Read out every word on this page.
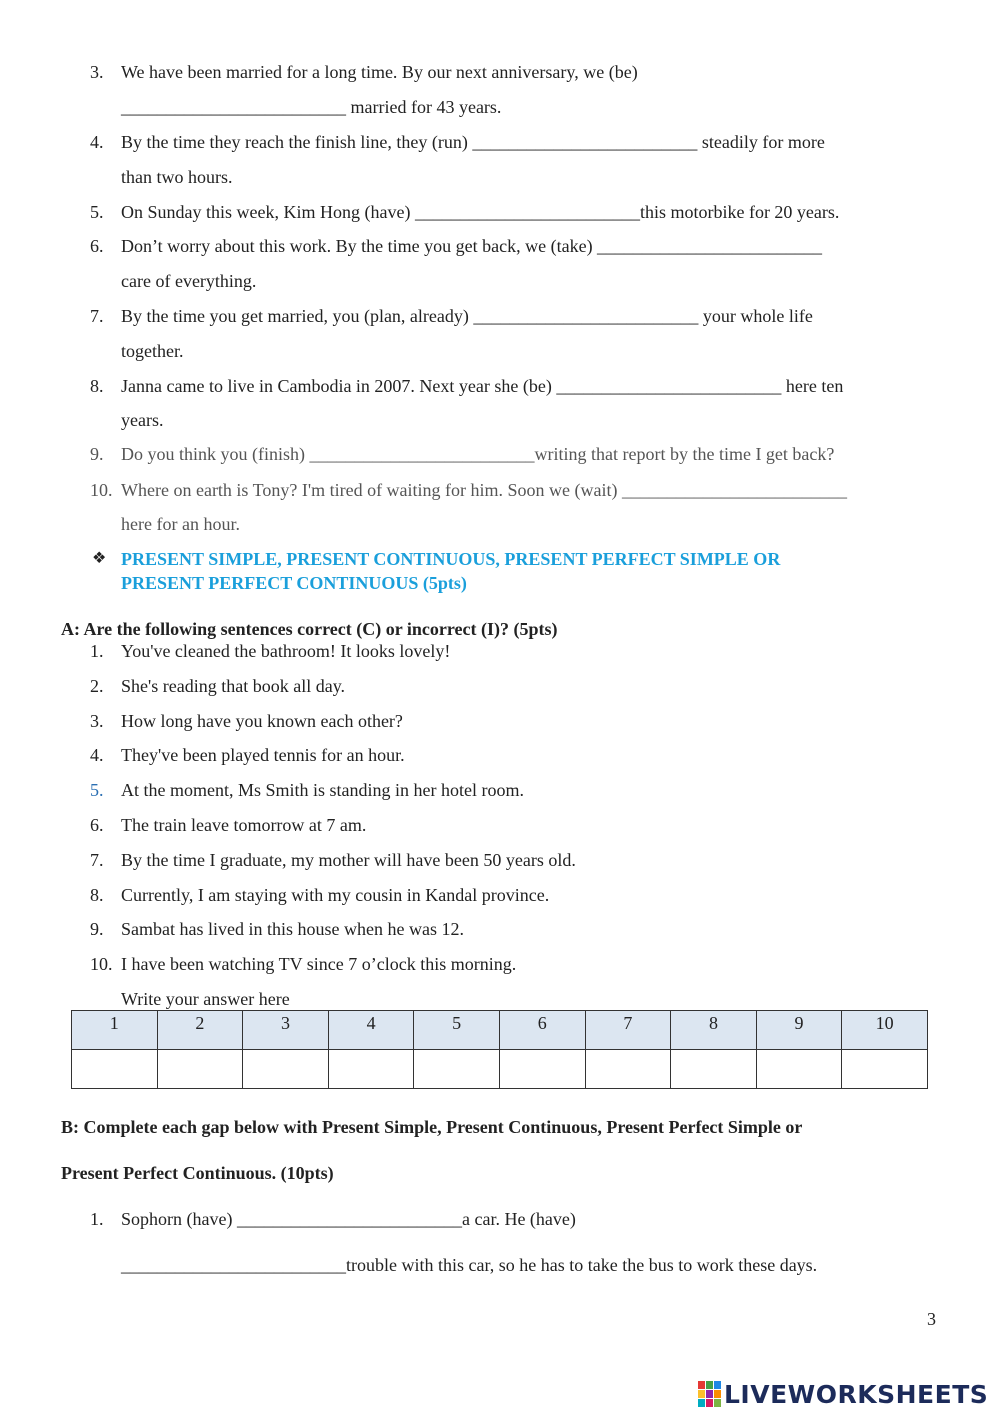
3. We have been married for a long time. By our next anniversary, we (be)
_________________________ married for 43 years.
4. By the time they reach the finish line, they (run) _________________________ steadily for more
than two hours.
5. On Sunday this week, Kim Hong (have) _________________________this motorbike for 20 years.
6. Don’t worry about this work. By the time you get back, we (take) _________________________
care of everything.
7. By the time you get married, you (plan, already) _________________________ your whole life
together.
8. Janna came to live in Cambodia in 2007. Next year she (be) _________________________ here ten
years.
9. Do you think you (finish) _________________________writing that report by the time I get back?
10. Where on earth is Tony? I'm tired of waiting for him. Soon we (wait) _________________________
here for an hour.
❖ PRESENT SIMPLE, PRESENT CONTINUOUS, PRESENT PERFECT SIMPLE OR
PRESENT PERFECT CONTINUOUS (5pts)
A: Are the following sentences correct (C) or incorrect (I)? (5pts)
1. You've cleaned the bathroom! It looks lovely!
2. She's reading that book all day.
3. How long have you known each other?
4. They've been played tennis for an hour.
5. At the moment, Ms Smith is standing in her hotel room.
6. The train leave tomorrow at 7 am.
7. By the time I graduate, my mother will have been 50 years old.
8. Currently, I am staying with my cousin in Kandal province.
9. Sambat has lived in this house when he was 12.
10. I have been watching TV since 7 o’clock this morning.
Write your answer here
1	2	3	4	5	6	7	8	9	10

B: Complete each gap below with Present Simple, Present Continuous, Present Perfect Simple or
Present Perfect Continuous. (10pts)
1. Sophorn (have) _________________________a car. He (have)
_________________________trouble with this car, so he has to take the bus to work these days.
3
LIVEWORKSHEETS
